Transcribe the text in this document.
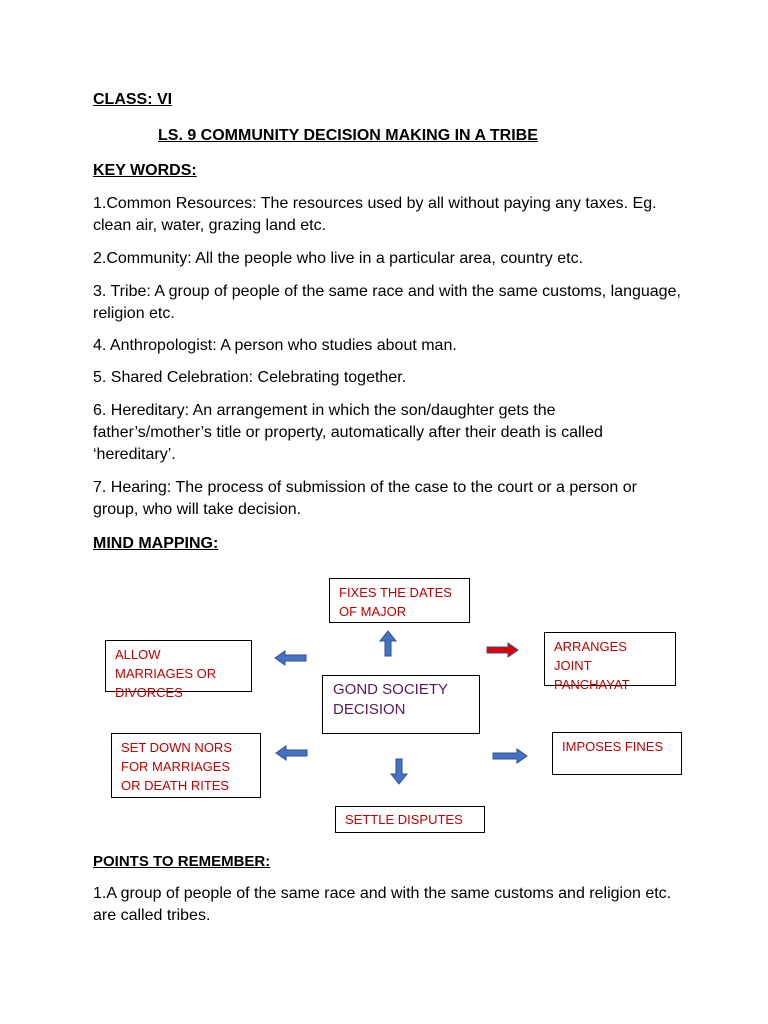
CLASS: VI
LS. 9 COMMUNITY DECISION MAKING IN A TRIBE
KEY WORDS:
1.Common Resources: The resources used by all without paying any taxes. Eg. clean air, water, grazing land etc.
2.Community: All the people who live in a particular area, country etc.
3. Tribe: A group of people of the same race and with the same customs, language, religion etc.
4. Anthropologist: A person who studies about man.
5. Shared Celebration: Celebrating together.
6. Hereditary: An arrangement in which the son/daughter gets the father’s/mother’s title or property, automatically after their death is called ‘hereditary’.
7. Hearing: The process of submission of the case to the court or a person or group, who will take decision.
MIND MAPPING:
FIXES THE DATES OF MAJOR
ALLOW MARRIAGES OR DIVORCES
ARRANGES JOINT PANCHAYAT
GOND SOCIETY DECISION
SET DOWN NORS FOR MARRIAGES OR DEATH RITES
IMPOSES FINES
SETTLE DISPUTES
POINTS TO REMEMBER:
1.A group of people of the same race and with the same customs and religion etc. are called tribes.
